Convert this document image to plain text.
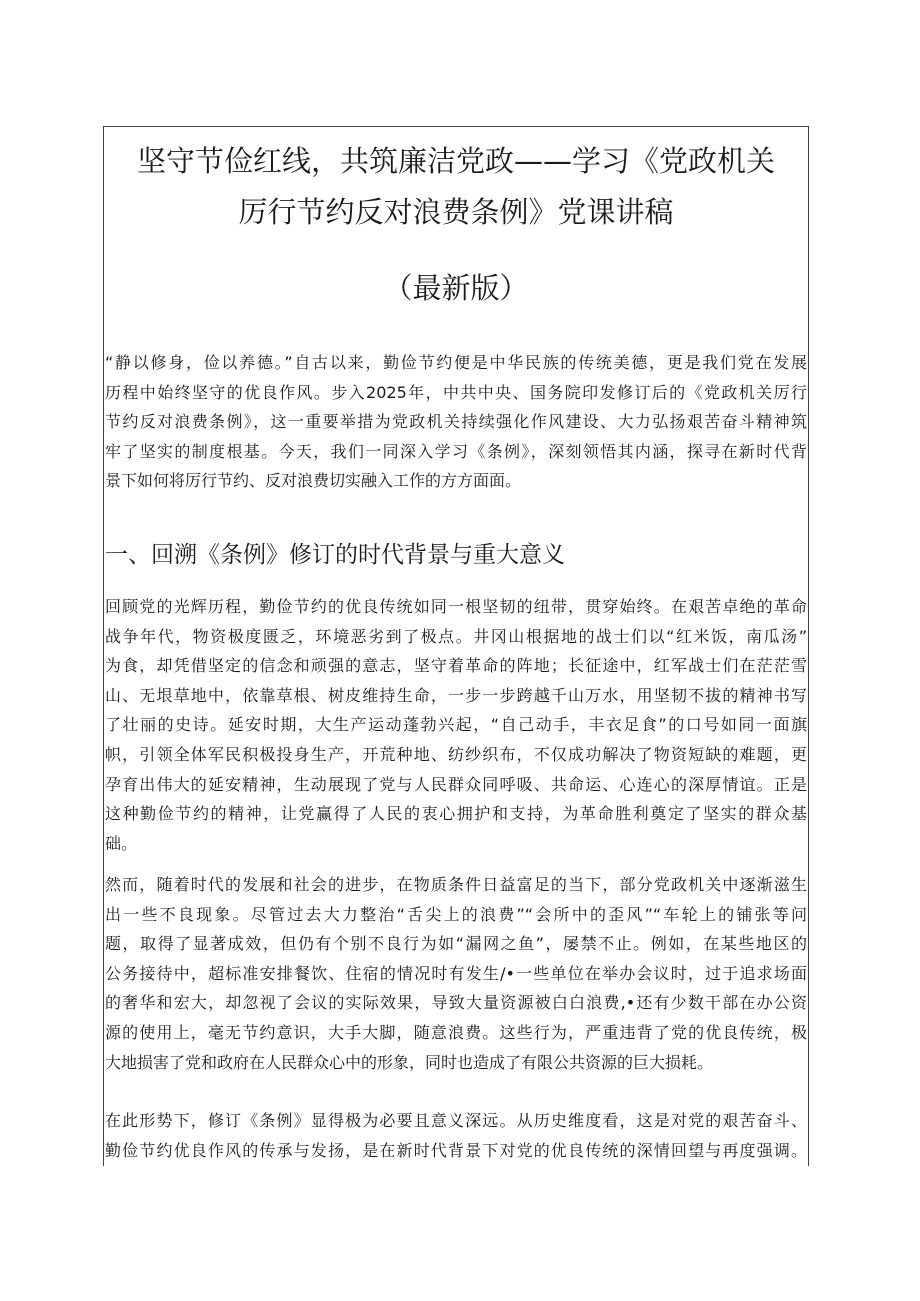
坚守节俭红线，共筑廉洁党政——学习《党政机关
厉行节约反对浪费条例》党课讲稿
（最新版）

“静以修身，俭以养德。”自古以来，勤俭节约便是中华民族的传统美德，更是我们党在发展
历程中始终坚守的优良作风。步入2025年，中共中央、国务院印发修订后的《党政机关厉行
节约反对浪费条例》，这一重要举措为党政机关持续强化作风建设、大力弘扬艰苦奋斗精神筑
牢了坚实的制度根基。今天，我们一同深入学习《条例》，深刻领悟其内涵，探寻在新时代背
景下如何将厉行节约、反对浪费切实融入工作的方方面面。

一、回溯《条例》修订的时代背景与重大意义

回顾党的光辉历程，勤俭节约的优良传统如同一根坚韧的纽带，贯穿始终。在艰苦卓绝的革命
战争年代，物资极度匮乏，环境恶劣到了极点。井冈山根据地的战士们以“红米饭，南瓜汤”
为食，却凭借坚定的信念和顽强的意志，坚守着革命的阵地；长征途中，红军战士们在茫茫雪
山、无垠草地中，依靠草根、树皮维持生命，一步一步跨越千山万水，用坚韧不拔的精神书写
了壮丽的史诗。延安时期，大生产运动蓬勃兴起，“自己动手，丰衣足食”的口号如同一面旗
帜，引领全体军民积极投身生产，开荒种地、纺纱织布，不仅成功解决了物资短缺的难题，更
孕育出伟大的延安精神，生动展现了党与人民群众同呼吸、共命运、心连心的深厚情谊。正是
这种勤俭节约的精神，让党赢得了人民的衷心拥护和支持，为革命胜利奠定了坚实的群众基
础。

然而，随着时代的发展和社会的进步，在物质条件日益富足的当下，部分党政机关中逐渐滋生
出一些不良现象。尽管过去大力整治“舌尖上的浪费”“会所中的歪风”“车轮上的铺张等问
题，取得了显著成效，但仍有个别不良行为如“漏网之鱼”，屡禁不止。例如，在某些地区的
公务接待中，超标准安排餐饮、住宿的情况时有发生/•一些单位在举办会议时，过于追求场面
的奢华和宏大，却忽视了会议的实际效果，导致大量资源被白白浪费,•还有少数干部在办公资
源的使用上，毫无节约意识，大手大脚，随意浪费。这些行为，严重违背了党的优良传统，极
大地损害了党和政府在人民群众心中的形象，同时也造成了有限公共资源的巨大损耗。

在此形势下，修订《条例》显得极为必要且意义深远。从历史维度看，这是对党的艰苦奋斗、
勤俭节约优良作风的传承与发扬，是在新时代背景下对党的优良传统的深情回望与再度强调。
